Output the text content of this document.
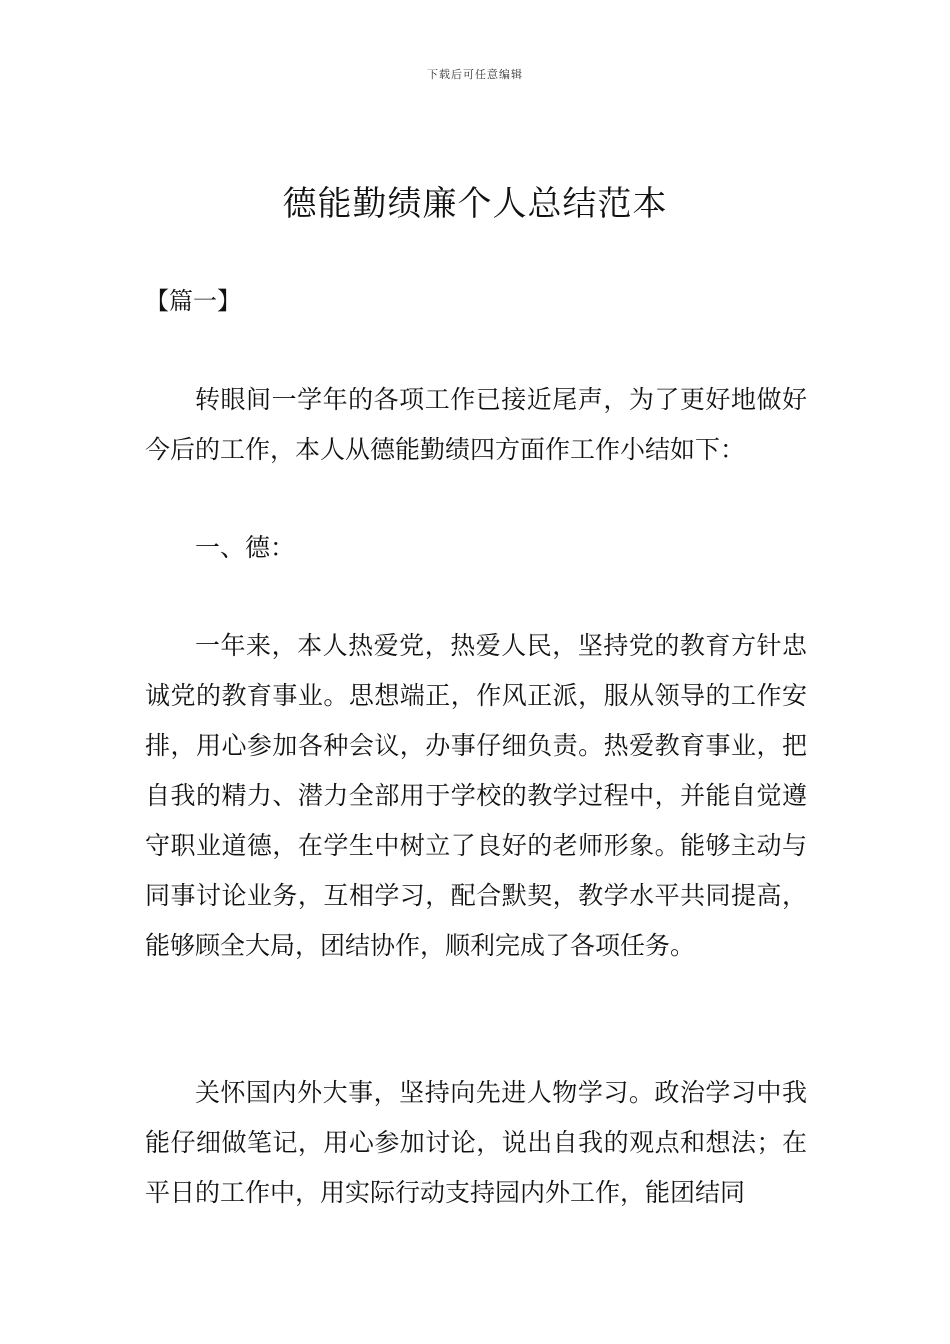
下载后可任意编辑
德能勤绩廉个人总结范本
【篇一】

转眼间一学年的各项工作已接近尾声，为了更好地做好今后的工作，本人从德能勤绩四方面作工作小结如下：

一、德：

一年来，本人热爱党，热爱人民，坚持党的教育方针忠诚党的教育事业。思想端正，作风正派，服从领导的工作安排，用心参加各种会议，办事仔细负责。热爱教育事业，把自我的精力、潜力全部用于学校的教学过程中，并能自觉遵守职业道德，在学生中树立了良好的老师形象。能够主动与同事讨论业务，互相学习，配合默契，教学水平共同提高，能够顾全大局，团结协作，顺利完成了各项任务。

关怀国内外大事，坚持向先进人物学习。政治学习中我能仔细做笔记，用心参加讨论，说出自我的观点和想法；在平日的工作中，用实际行动支持园内外工作，能团结同
